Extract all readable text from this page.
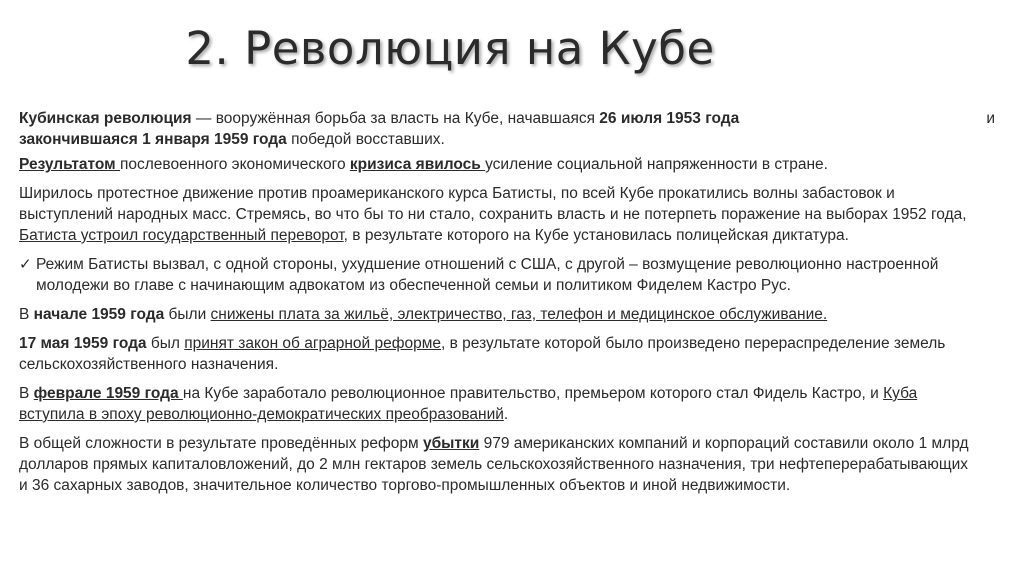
2. Революция на Кубе

Кубинская революция — вооружённая борьба за власть на Кубе, начавшаяся 26 июля 1953 года	и
закончившаяся 1 января 1959 года победой восставших.

Результатом послевоенного экономического кризиса явилось усиление социальной напряженности в стране.

Ширилось протестное движение против проамериканского курса Батисты, по всей Кубе прокатились волны забастовок и выступлений народных масс. Стремясь, во что бы то ни стало, сохранить власть и не потерпеть поражение на выборах 1952 года, Батиста устроил государственный переворот, в результате которого на Кубе установилась полицейская диктатура.

✓ Режим Батисты вызвал, с одной стороны, ухудшение отношений с США, с другой – возмущение революционно настроенной молодежи во главе с начинающим адвокатом из обеспеченной семьи и политиком Фиделем Кастро Рус.

В начале 1959 года были снижены плата за жильё, электричество, газ, телефон и медицинское обслуживание.

17 мая 1959 года был принят закон об аграрной реформе, в результате которой было произведено перераспределение земель сельскохозяйственного назначения.

В феврале 1959 года на Кубе заработало революционное правительство, премьером которого стал Фидель Кастро, и Куба вступила в эпоху революционно-демократических преобразований.

В общей сложности в результате проведённых реформ убытки 979 американских компаний и корпораций составили около 1 млрд долларов прямых капиталовложений, до 2 млн гектаров земель сельскохозяйственного назначения, три нефтеперерабатывающих и 36 сахарных заводов, значительное количество торгово-промышленных объектов и иной недвижимости.
